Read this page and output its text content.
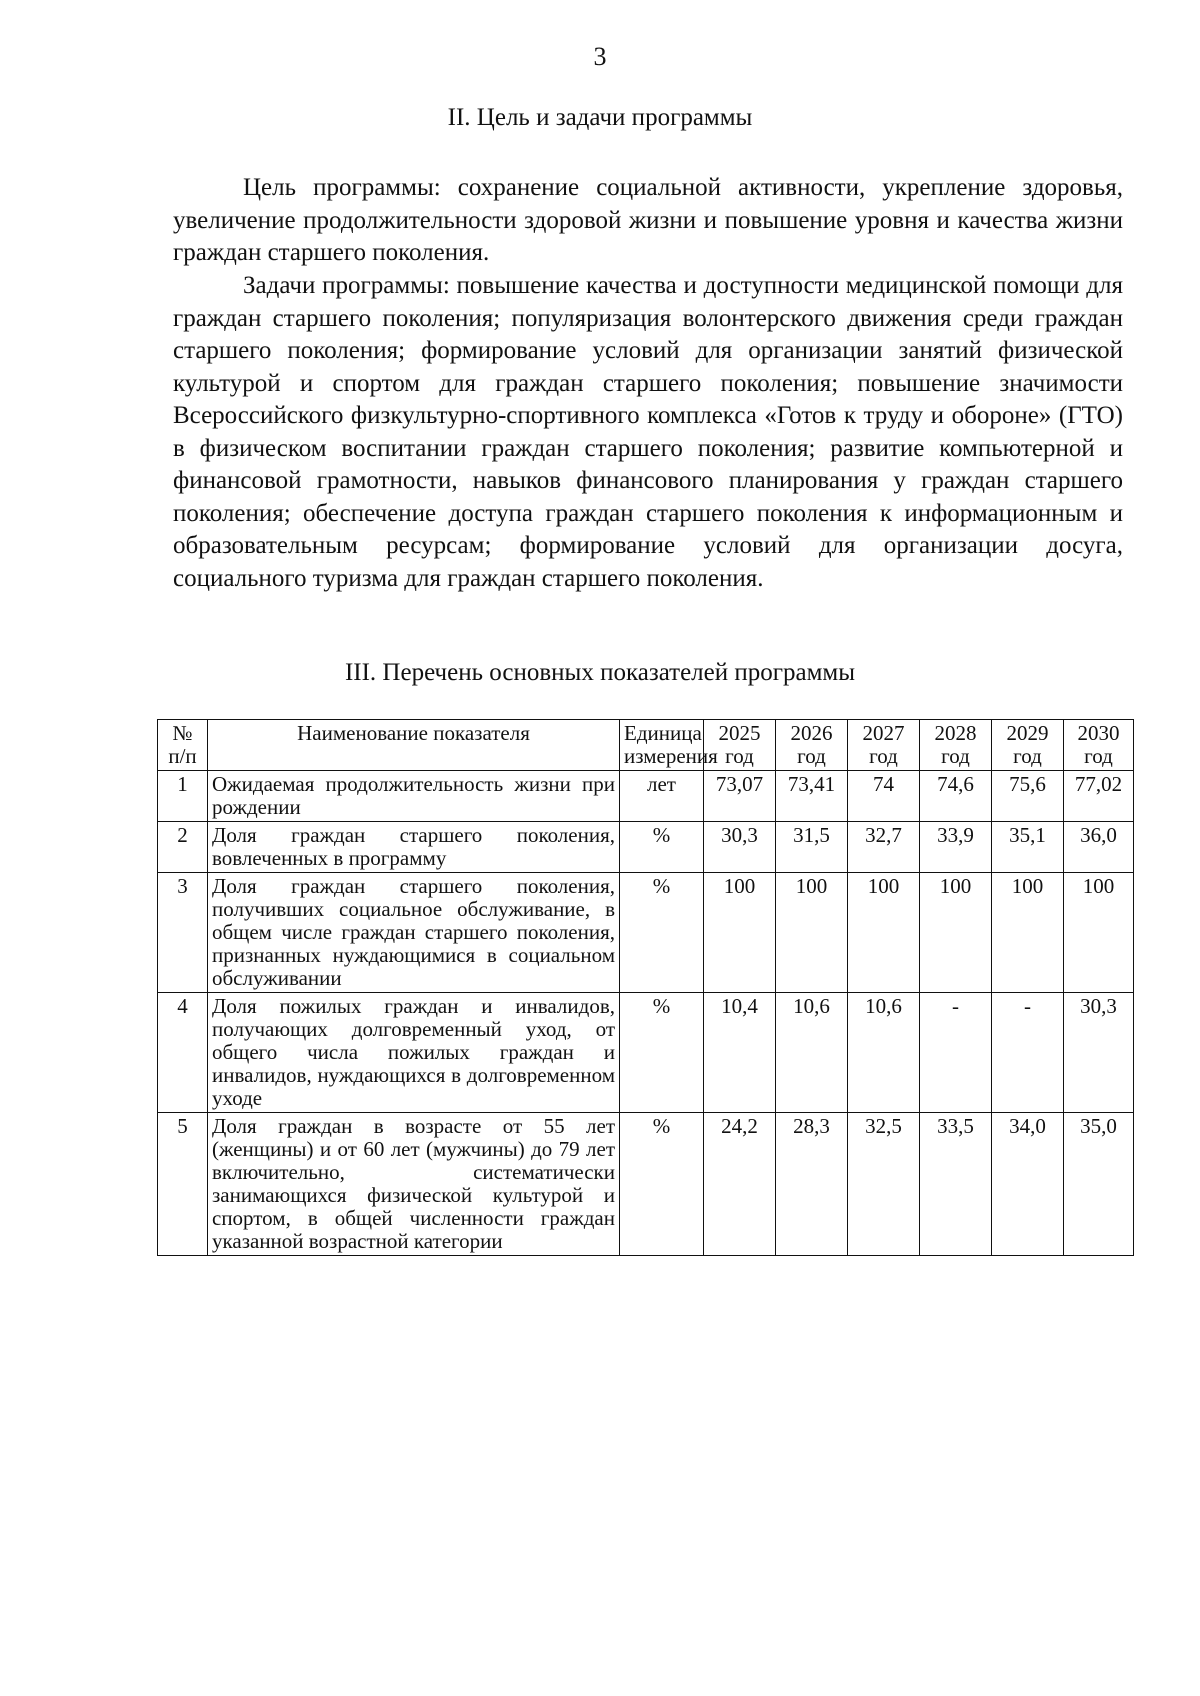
3
II. Цель и задачи программы

Цель программы: сохранение социальной активности, укрепление здоровья, увеличение продолжительности здоровой жизни и повышение уровня и качества жизни граждан старшего поколения.

Задачи программы: повышение качества и доступности медицинской помощи для граждан старшего поколения; популяризация волонтерского движения среди граждан старшего поколения; формирование условий для организации занятий физической культурой и спортом для граждан старшего поколения; повышение значимости Всероссийского физкультурно-спортивного комплекса «Готов к труду и обороне» (ГТО) в физическом воспитании граждан старшего поколения; развитие компьютерной и финансовой грамотности, навыков финансового планирования у граждан старшего поколения; обеспечение доступа граждан старшего поколения к информационным и образовательным ресурсам; формирование условий для организации досуга, социального туризма для граждан старшего поколения.

III. Перечень основных показателей программы
№ п/п	Наименование показателя	Единица измерения	2025 год	2026 год	2027 год	2028 год	2029 год	2030 год
1	Ожидаемая продолжительность жизни при рождении	лет	73,07	73,41	74	74,6	75,6	77,02
2	Доля граждан старшего поколения, вовлеченных в программу	%	30,3	31,5	32,7	33,9	35,1	36,0
3	Доля граждан старшего поколения, получивших социальное обслуживание, в общем числе граждан старшего поколения, признанных нуждающимися в социальном обслуживании	%	100	100	100	100	100	100
4	Доля пожилых граждан и инвалидов, получающих долговременный уход, от общего числа пожилых граждан и инвалидов, нуждающихся в долговременном уходе	%	10,4	10,6	10,6	-	-	30,3
5	Доля граждан в возрасте от 55 лет (женщины) и от 60 лет (мужчины) до 79 лет включительно, систематически занимающихся физической культурой и спортом, в общей численности граждан указанной возрастной категории	%	24,2	28,3	32,5	33,5	34,0	35,0
